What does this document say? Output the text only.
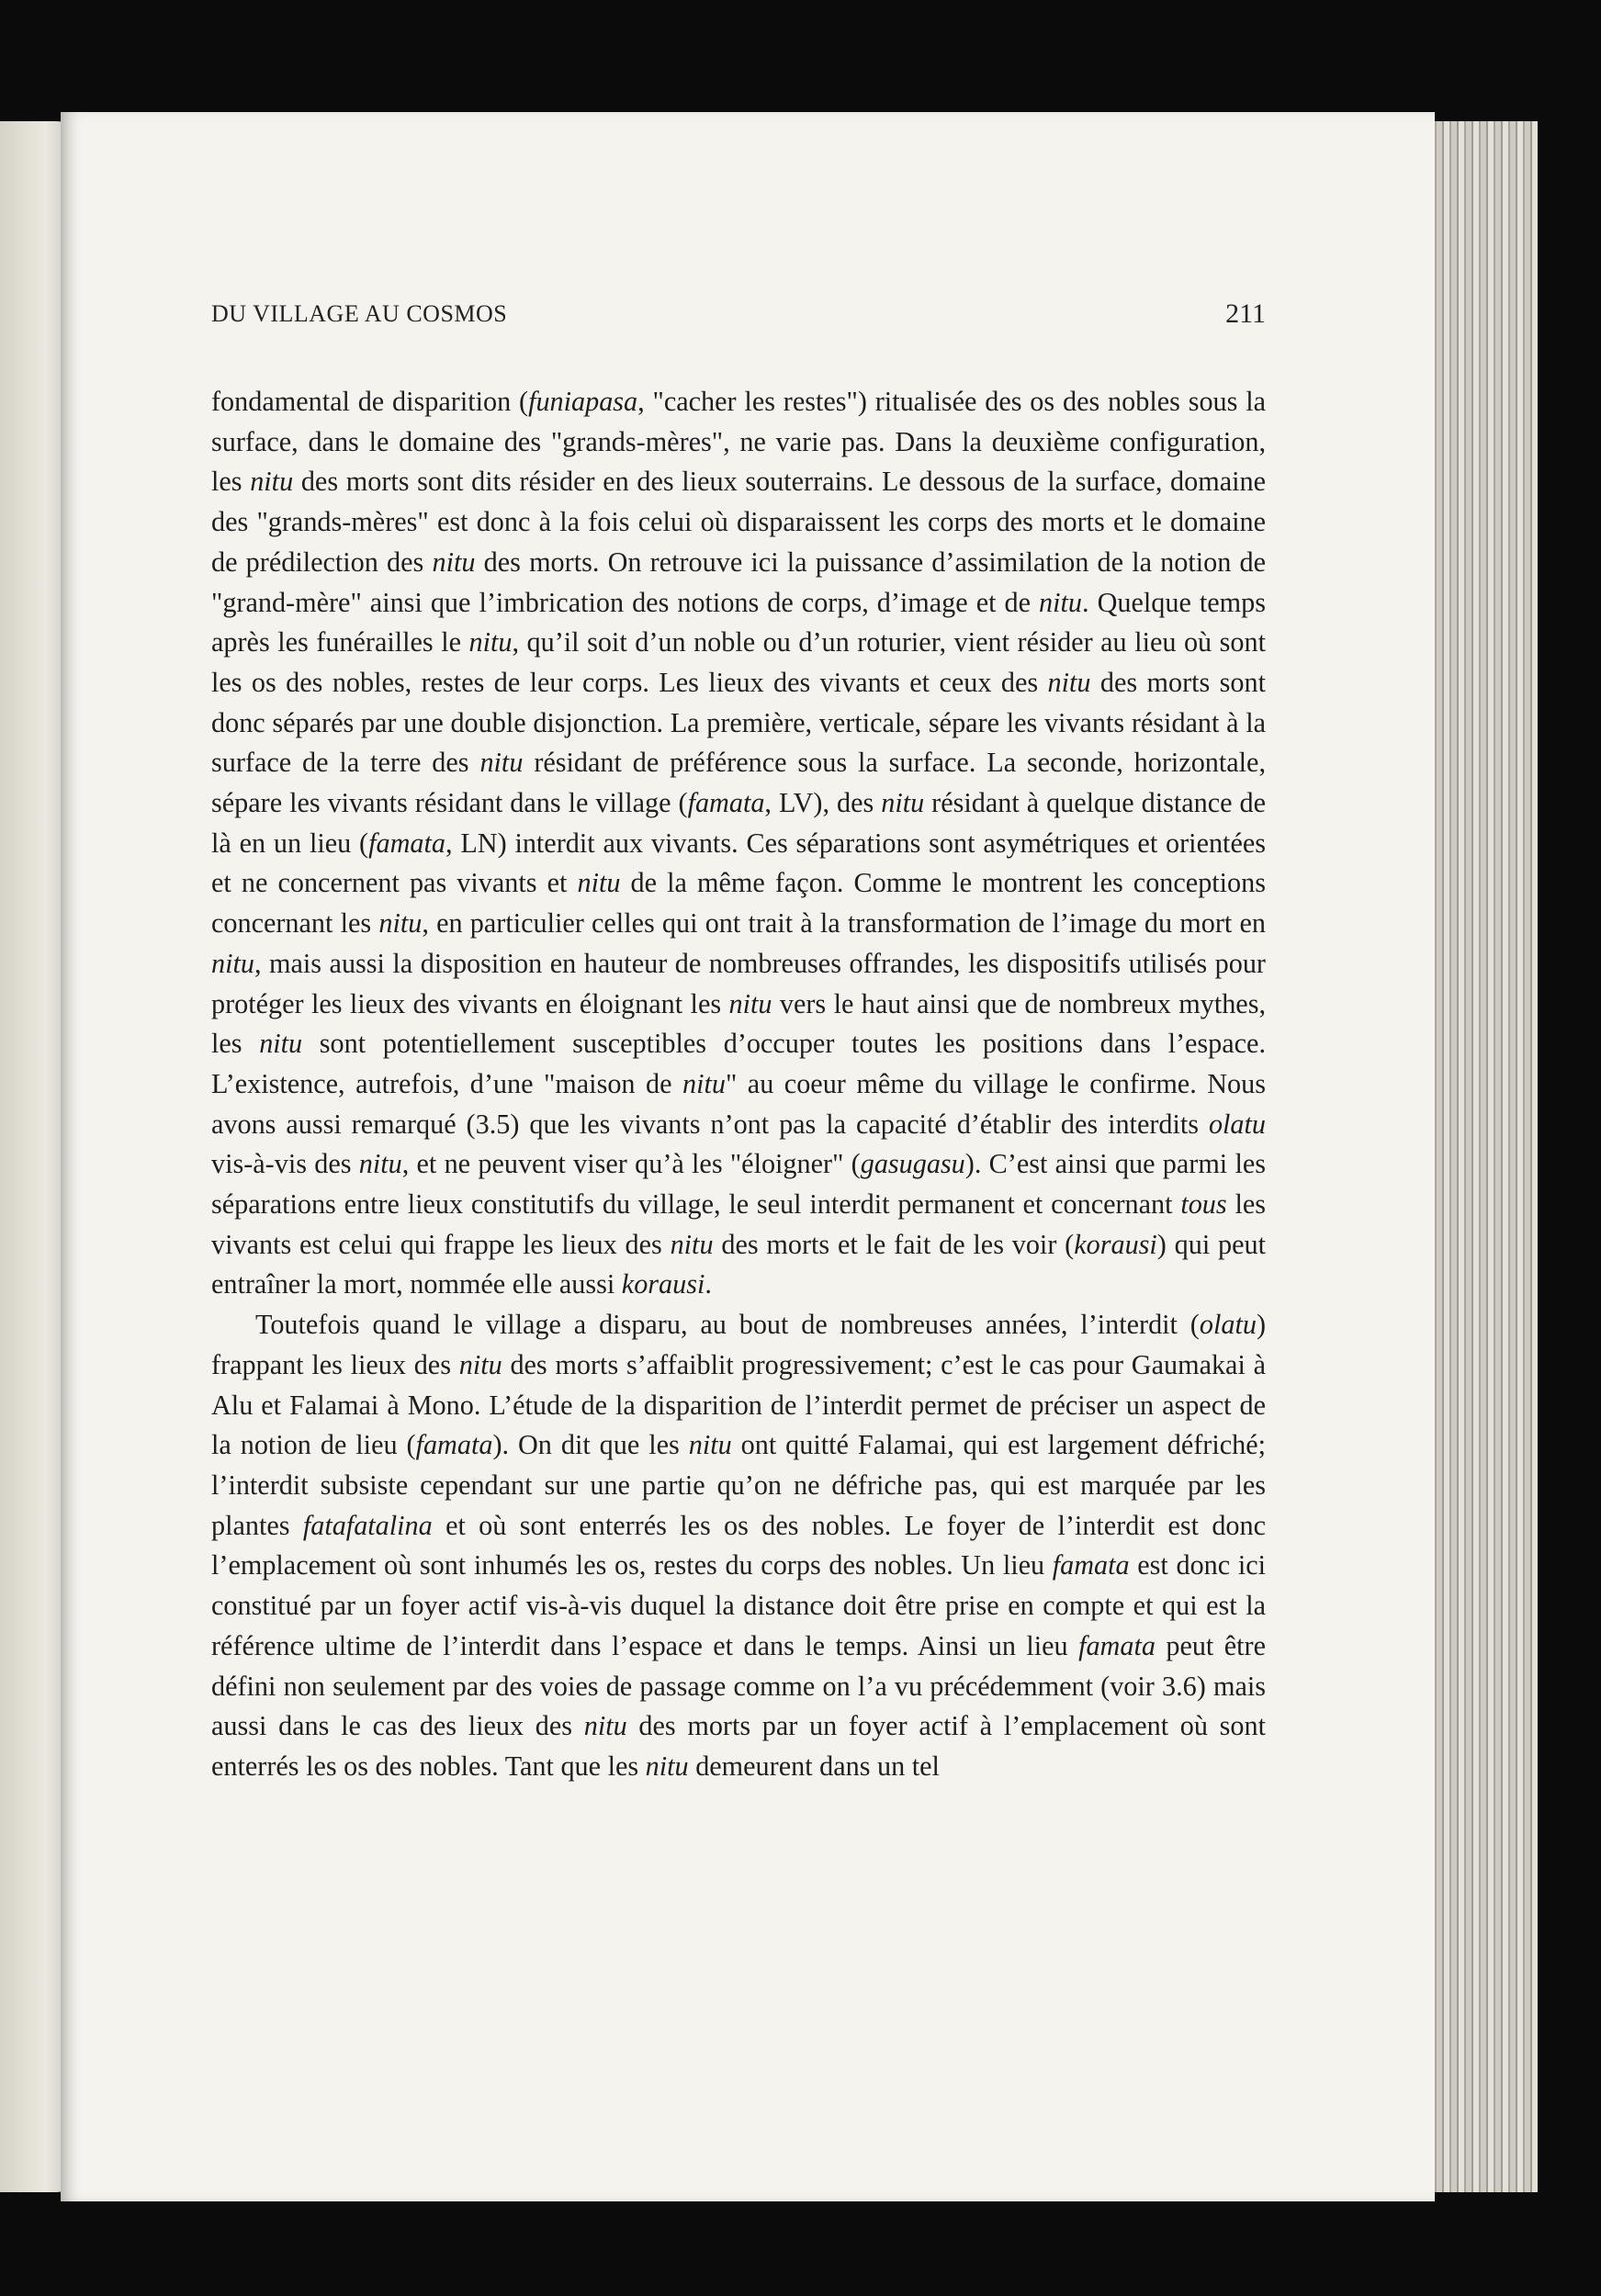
DU VILLAGE AU COSMOS	211

fondamental de disparition (funiapasa, "cacher les restes") ritualisée des os des nobles sous la surface, dans le domaine des "grands-mères", ne varie pas. Dans la deuxième configuration, les nitu des morts sont dits résider en des lieux souterrains. Le dessous de la surface, domaine des "grands-mères" est donc à la fois celui où disparaissent les corps des morts et le domaine de prédilection des nitu des morts. On retrouve ici la puissance d’assimilation de la notion de "grand-mère" ainsi que l’imbrication des notions de corps, d’image et de nitu. Quelque temps après les funérailles le nitu, qu’il soit d’un noble ou d’un roturier, vient résider au lieu où sont les os des nobles, restes de leur corps. Les lieux des vivants et ceux des nitu des morts sont donc séparés par une double disjonction. La première, verticale, sépare les vivants résidant à la surface de la terre des nitu résidant de préférence sous la surface. La seconde, horizontale, sépare les vivants résidant dans le village (famata, LV), des nitu résidant à quelque distance de là en un lieu (famata, LN) interdit aux vivants. Ces séparations sont asymétriques et orientées et ne concernent pas vivants et nitu de la même façon. Comme le montrent les conceptions concernant les nitu, en particulier celles qui ont trait à la transformation de l’image du mort en nitu, mais aussi la disposition en hauteur de nombreuses offrandes, les dispositifs utilisés pour protéger les lieux des vivants en éloignant les nitu vers le haut ainsi que de nombreux mythes, les nitu sont potentiellement susceptibles d’occuper toutes les positions dans l’espace. L’existence, autrefois, d’une "maison de nitu" au coeur même du village le confirme. Nous avons aussi remarqué (3.5) que les vivants n’ont pas la capacité d’établir des interdits olatu vis-à-vis des nitu, et ne peuvent viser qu’à les "éloigner" (gasugasu). C’est ainsi que parmi les séparations entre lieux constitutifs du village, le seul interdit permanent et concernant tous les vivants est celui qui frappe les lieux des nitu des morts et le fait de les voir (korausi) qui peut entraîner la mort, nommée elle aussi korausi.

Toutefois quand le village a disparu, au bout de nombreuses années, l’interdit (olatu) frappant les lieux des nitu des morts s’affaiblit progressivement; c’est le cas pour Gaumakai à Alu et Falamai à Mono. L’étude de la disparition de l’interdit permet de préciser un aspect de la notion de lieu (famata). On dit que les nitu ont quitté Falamai, qui est largement défriché; l’interdit subsiste cependant sur une partie qu’on ne défriche pas, qui est marquée par les plantes fatafatalina et où sont enterrés les os des nobles. Le foyer de l’interdit est donc l’emplacement où sont inhumés les os, restes du corps des nobles. Un lieu famata est donc ici constitué par un foyer actif vis-à-vis duquel la distance doit être prise en compte et qui est la référence ultime de l’interdit dans l’espace et dans le temps. Ainsi un lieu famata peut être défini non seulement par des voies de passage comme on l’a vu précédemment (voir 3.6) mais aussi dans le cas des lieux des nitu des morts par un foyer actif à l’emplacement où sont enterrés les os des nobles. Tant que les nitu demeurent dans un tel
